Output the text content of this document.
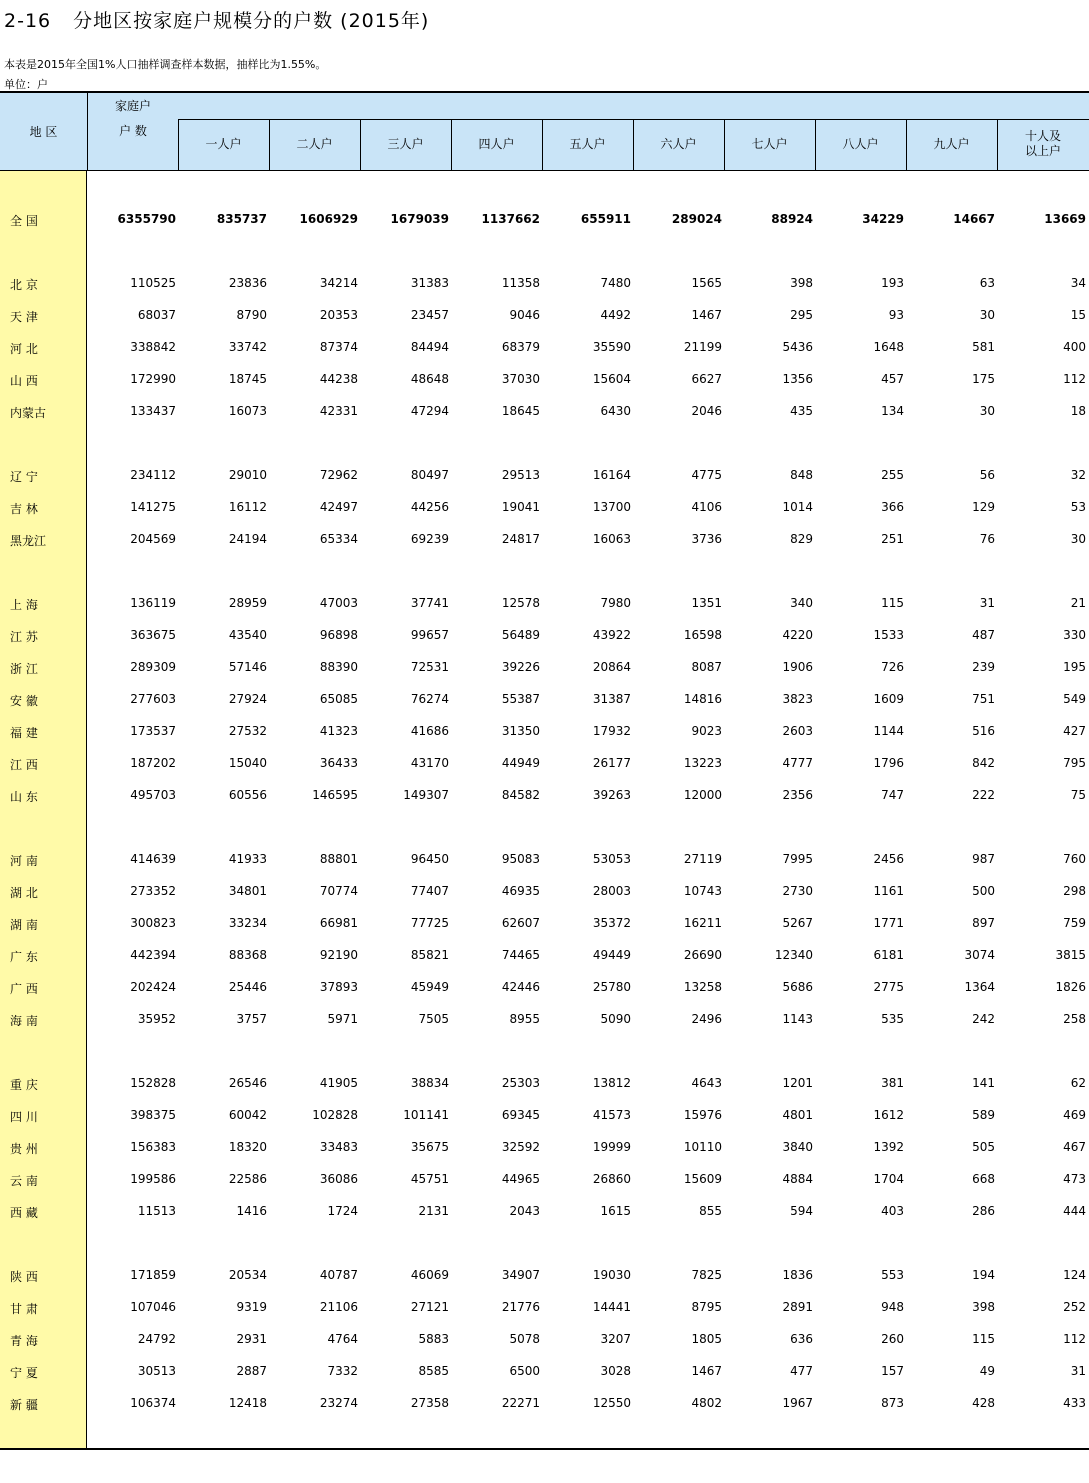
2-16 分地区按家庭户规模分的户数 (2015年)
本表是2015年全国1%人口抽样调查样本数据，抽样比为1.55%。
单位：户
地 区
家庭户
户 数
一人户	二人户	三人户	四人户	五人户	六人户	七人户	八人户	九人户
十人及
以上户
全 国	6355790	835737	1606929	1679039	1137662	655911	289024	88924	34229	14667	13669
北 京	110525	23836	34214	31383	11358	7480	1565	398	193	63	34
天 津	68037	8790	20353	23457	9046	4492	1467	295	93	30	15
河 北	338842	33742	87374	84494	68379	35590	21199	5436	1648	581	400
山 西	172990	18745	44238	48648	37030	15604	6627	1356	457	175	112
内蒙古	133437	16073	42331	47294	18645	6430	2046	435	134	30	18
辽 宁	234112	29010	72962	80497	29513	16164	4775	848	255	56	32
吉 林	141275	16112	42497	44256	19041	13700	4106	1014	366	129	53
黑龙江	204569	24194	65334	69239	24817	16063	3736	829	251	76	30
上 海	136119	28959	47003	37741	12578	7980	1351	340	115	31	21
江 苏	363675	43540	96898	99657	56489	43922	16598	4220	1533	487	330
浙 江	289309	57146	88390	72531	39226	20864	8087	1906	726	239	195
安 徽	277603	27924	65085	76274	55387	31387	14816	3823	1609	751	549
福 建	173537	27532	41323	41686	31350	17932	9023	2603	1144	516	427
江 西	187202	15040	36433	43170	44949	26177	13223	4777	1796	842	795
山 东	495703	60556	146595	149307	84582	39263	12000	2356	747	222	75
河 南	414639	41933	88801	96450	95083	53053	27119	7995	2456	987	760
湖 北	273352	34801	70774	77407	46935	28003	10743	2730	1161	500	298
湖 南	300823	33234	66981	77725	62607	35372	16211	5267	1771	897	759
广 东	442394	88368	92190	85821	74465	49449	26690	12340	6181	3074	3815
广 西	202424	25446	37893	45949	42446	25780	13258	5686	2775	1364	1826
海 南	35952	3757	5971	7505	8955	5090	2496	1143	535	242	258
重 庆	152828	26546	41905	38834	25303	13812	4643	1201	381	141	62
四 川	398375	60042	102828	101141	69345	41573	15976	4801	1612	589	469
贵 州	156383	18320	33483	35675	32592	19999	10110	3840	1392	505	467
云 南	199586	22586	36086	45751	44965	26860	15609	4884	1704	668	473
西 藏	11513	1416	1724	2131	2043	1615	855	594	403	286	444
陕 西	171859	20534	40787	46069	34907	19030	7825	1836	553	194	124
甘 肃	107046	9319	21106	27121	21776	14441	8795	2891	948	398	252
青 海	24792	2931	4764	5883	5078	3207	1805	636	260	115	112
宁 夏	30513	2887	7332	8585	6500	3028	1467	477	157	49	31
新 疆	106374	12418	23274	27358	22271	12550	4802	1967	873	428	433
